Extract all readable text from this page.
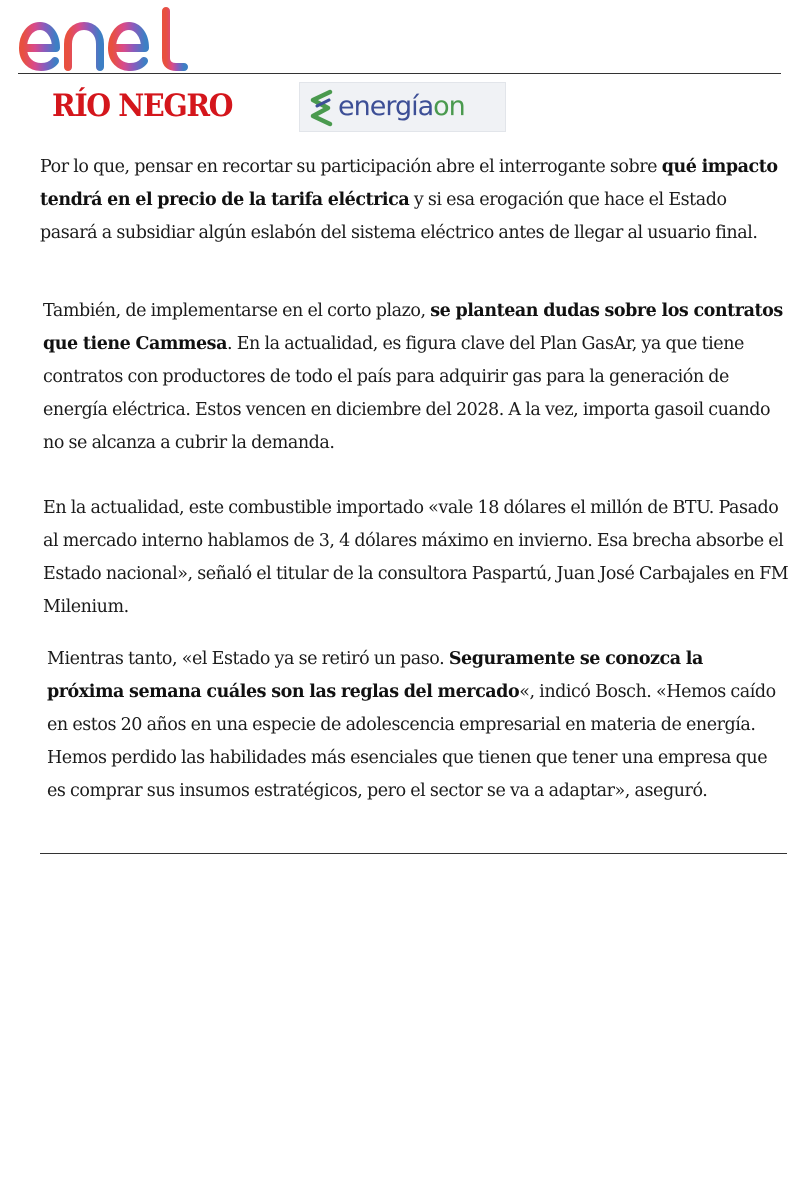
enel
RÍO NEGRO	energíaon

Por lo que, pensar en recortar su participación abre el interrogante sobre qué impacto tendrá en el precio de la tarifa eléctrica y si esa erogación que hace el Estado pasará a subsidiar algún eslabón del sistema eléctrico antes de llegar al usuario final.

También, de implementarse en el corto plazo, se plantean dudas sobre los contratos que tiene Cammesa. En la actualidad, es figura clave del Plan GasAr, ya que tiene contratos con productores de todo el país para adquirir gas para la generación de energía eléctrica. Estos vencen en diciembre del 2028. A la vez, importa gasoil cuando no se alcanza a cubrir la demanda.

En la actualidad, este combustible importado «vale 18 dólares el millón de BTU. Pasado al mercado interno hablamos de 3, 4 dólares máximo en invierno. Esa brecha absorbe el Estado nacional», señaló el titular de la consultora Paspartú, Juan José Carbajales en FM Milenium.

Mientras tanto, «el Estado ya se retiró un paso. Seguramente se conozca la próxima semana cuáles son las reglas del mercado«, indicó Bosch. «Hemos caído en estos 20 años en una especie de adolescencia empresarial en materia de energía. Hemos perdido las habilidades más esenciales que tienen que tener una empresa que es comprar sus insumos estratégicos, pero el sector se va a adaptar», aseguró.
